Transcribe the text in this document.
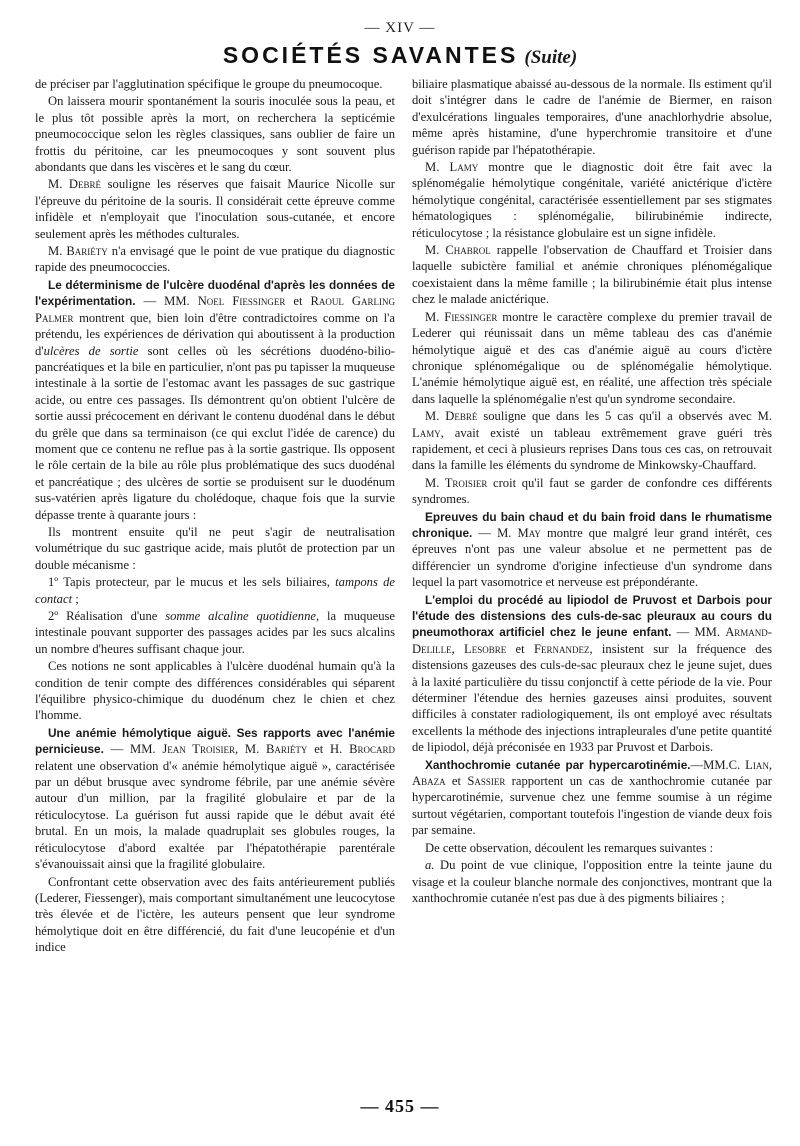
— XIV —
SOCIÉTÉS SAVANTES (Suite)

de préciser par l'agglutination spécifique le groupe du pneumocoque.

On laissera mourir spontanément la souris inoculée sous la peau, et le plus tôt possible après la mort, on recherchera la septicémie pneumococcique selon les règles classiques, sans oublier de faire un frottis du péritoine, car les pneumocoques y sont souvent plus abondants que dans les viscères et le sang du cœur.

M. Debré souligne les réserves que faisait Maurice Nicolle sur l'épreuve du péritoine de la souris. Il considérait cette épreuve comme infidèle et n'employait que l'inoculation sous-cutanée, et encore seulement après les méthodes culturales.

M. Bariéty n'a envisagé que le point de vue pratique du diagnostic rapide des pneumococcies.

Le déterminisme de l'ulcère duodénal d'après les données de l'expérimentation. — MM. Noel Fiessinger et Raoul Garling Palmer montrent que, bien loin d'être contradictoires comme on l'a prétendu, les expériences de dérivation qui aboutissent à la production d'ulcères de sortie sont celles où les sécrétions duodéno-bilio-pancréatiques et la bile en particulier, n'ont pas pu tapisser la muqueuse intestinale à la sortie de l'estomac avant les passages de suc gastrique acide, ou entre ces passages. Ils démontrent qu'on obtient l'ulcère de sortie aussi précocement en dérivant le contenu duodénal dans le début du grêle que dans sa terminaison (ce qui exclut l'idée de carence) du moment que ce contenu ne reflue pas à la sortie gastrique. Ils opposent le rôle certain de la bile au rôle plus problématique des sucs duodénal et pancréatique ; des ulcères de sortie se produisent sur le duodénum sus-vatérien après ligature du cholédoque, chaque fois que la survie dépasse trente à quarante jours :

Ils montrent ensuite qu'il ne peut s'agir de neutralisation volumétrique du suc gastrique acide, mais plutôt de protection par un double mécanisme :

1º Tapis protecteur, par le mucus et les sels biliaires, tampons de contact ;

2º Réalisation d'une somme alcaline quotidienne, la muqueuse intestinale pouvant supporter des passages acides par les sucs alcalins un nombre d'heures suffisant chaque jour.

Ces notions ne sont applicables à l'ulcère duodénal humain qu'à la condition de tenir compte des différences considérables qui séparent l'équilibre physico-chimique du duodénum chez le chien et chez l'homme.

Une anémie hémolytique aiguë. Ses rapports avec l'anémie pernicieuse. — MM. Jean Troisier, M. Bariéty et H. Brocard relatent une observation d'« anémie hémolytique aiguë », caractérisée par un début brusque avec syndrome fébrile, par une anémie sévère autour d'un million, par la fragilité globulaire et par de la réticulocytose. La guérison fut aussi rapide que le début avait été brutal. En un mois, la malade quadruplait ses globules rouges, la réticulocytose d'abord exaltée par l'hépatothérapie parentérale s'évanouissait ainsi que la fragilité globulaire.

Confrontant cette observation avec des faits antérieurement publiés (Lederer, Fiessenger), mais comportant simultanément une leucocytose très élevée et de l'ictère, les auteurs pensent que leur syndrome hémolytique doit en être différencié, du fait d'une leucopénie et d'un indice

biliaire plasmatique abaissé au-dessous de la normale. Ils estiment qu'il doit s'intégrer dans le cadre de l'anémie de Biermer, en raison d'exulcérations linguales temporaires, d'une anachlorhydrie absolue, même après histamine, d'une hyperchromie transitoire et d'une guérison rapide par l'hépatothérapie.

M. Lamy montre que le diagnostic doit être fait avec la splénomégalie hémolytique congénitale, variété anictérique d'ictère hémolytique congénital, caractérisée essentiellement par ses stigmates hématologiques : splénomégalie, bilirubinémie indirecte, réticulocytose ; la résistance globulaire est un signe infidèle.

M. Chabrol rappelle l'observation de Chauffard et Troisier dans laquelle subictère familial et anémie chroniques plénomégalique coexistaient dans la même famille ; la bilirubinémie était plus intense chez le malade anictérique.

M. Fiessinger montre le caractère complexe du premier travail de Lederer qui réunissait dans un même tableau des cas d'anémie hémolytique aiguë et des cas d'anémie aiguë au cours d'ictère chronique splénomégalique ou de splénomégalie hémolytique. L'anémie hémolytique aiguë est, en réalité, une affection très spéciale dans laquelle la splénomégalie n'est qu'un syndrome secondaire.

M. Debré souligne que dans les 5 cas qu'il a observés avec M. Lamy, avait existé un tableau extrêmement grave guéri très rapidement, et ceci à plusieurs reprises Dans tous ces cas, on retrouvait dans la famille les éléments du syndrome de Minkowsky-Chauffard.

M. Troisier croit qu'il faut se garder de confondre ces différents syndromes.

Epreuves du bain chaud et du bain froid dans le rhumatisme chronique. — M. May montre que malgré leur grand intérêt, ces épreuves n'ont pas une valeur absolue et ne permettent pas de différencier un syndrome d'origine infectieuse d'un syndrome dans lequel la part vasomotrice et nerveuse est prépondérante.

L'emploi du procédé au lipiodol de Pruvost et Darbois pour l'étude des distensions des culs-de-sac pleuraux au cours du pneumothorax artificiel chez le jeune enfant. — MM. Armand-Delille, Lesobre et Fernandez, insistent sur la fréquence des distensions gazeuses des culs-de-sac pleuraux chez le jeune sujet, dues à la laxité particulière du tissu conjonctif à cette période de la vie. Pour déterminer l'étendue des hernies gazeuses ainsi produites, souvent difficiles à constater radiologiquement, ils ont employé avec résultats excellents la méthode des injections intrapleurales d'une petite quantité de lipiodol, déjà préconisée en 1933 par Pruvost et Darbois.

Xanthochromie cutanée par hypercarotinémie.—MM.C. Lian, Abaza et Sassier rapportent un cas de xanthochromie cutanée par hypercarotinémie, survenue chez une femme soumise à un régime surtout végétarien, comportant toutefois l'ingestion de viande deux fois par semaine.

De cette observation, découlent les remarques suivantes :

a. Du point de vue clinique, l'opposition entre la teinte jaune du visage et la couleur blanche normale des conjonctives, montrant que la xanthochromie cutanée n'est pas due à des pigments biliaires ;

— 455 —
